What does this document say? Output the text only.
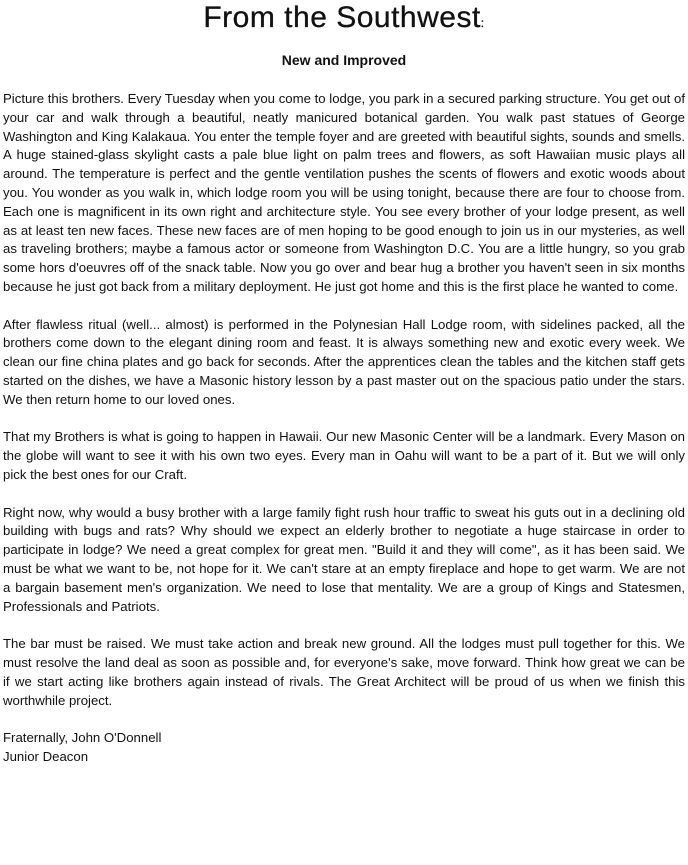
From the Southwest:
New and Improved

Picture this brothers. Every Tuesday when you come to lodge, you park in a secured parking structure. You get out of your car and walk through a beautiful, neatly manicured botanical garden. You walk past statues of George Washington and King Kalakaua. You enter the temple foyer and are greeted with beautiful sights, sounds and smells. A huge stained-glass skylight casts a pale blue light on palm trees and flowers, as soft Hawaiian music plays all around. The temperature is perfect and the gentle ventilation pushes the scents of flowers and exotic woods about you. You wonder as you walk in, which lodge room you will be using tonight, because there are four to choose from. Each one is magnificent in its own right and architecture style. You see every brother of your lodge present, as well as at least ten new faces. These new faces are of men hoping to be good enough to join us in our mysteries, as well as traveling brothers; maybe a famous actor or someone from Washington D.C. You are a little hungry, so you grab some hors d'oeuvres off of the snack table. Now you go over and bear hug a brother you haven't seen in six months because he just got back from a military deployment. He just got home and this is the first place he wanted to come.

After flawless ritual (well... almost) is performed in the Polynesian Hall Lodge room, with sidelines packed, all the brothers come down to the elegant dining room and feast. It is always something new and exotic every week. We clean our fine china plates and go back for seconds. After the apprentices clean the tables and the kitchen staff gets started on the dishes, we have a Masonic history lesson by a past master out on the spacious patio under the stars. We then return home to our loved ones.

That my Brothers is what is going to happen in Hawaii. Our new Masonic Center will be a landmark. Every Mason on the globe will want to see it with his own two eyes. Every man in Oahu will want to be a part of it. But we will only pick the best ones for our Craft.

Right now, why would a busy brother with a large family fight rush hour traffic to sweat his guts out in a declining old building with bugs and rats? Why should we expect an elderly brother to negotiate a huge staircase in order to participate in lodge? We need a great complex for great men. "Build it and they will come", as it has been said. We must be what we want to be, not hope for it. We can't stare at an empty fireplace and hope to get warm. We are not a bargain basement men's organization. We need to lose that mentality. We are a group of Kings and Statesmen, Professionals and Patriots.

The bar must be raised. We must take action and break new ground. All the lodges must pull together for this. We must resolve the land deal as soon as possible and, for everyone's sake, move forward. Think how great we can be if we start acting like brothers again instead of rivals. The Great Architect will be proud of us when we finish this worthwhile project.

Fraternally, John O'Donnell
Junior Deacon
